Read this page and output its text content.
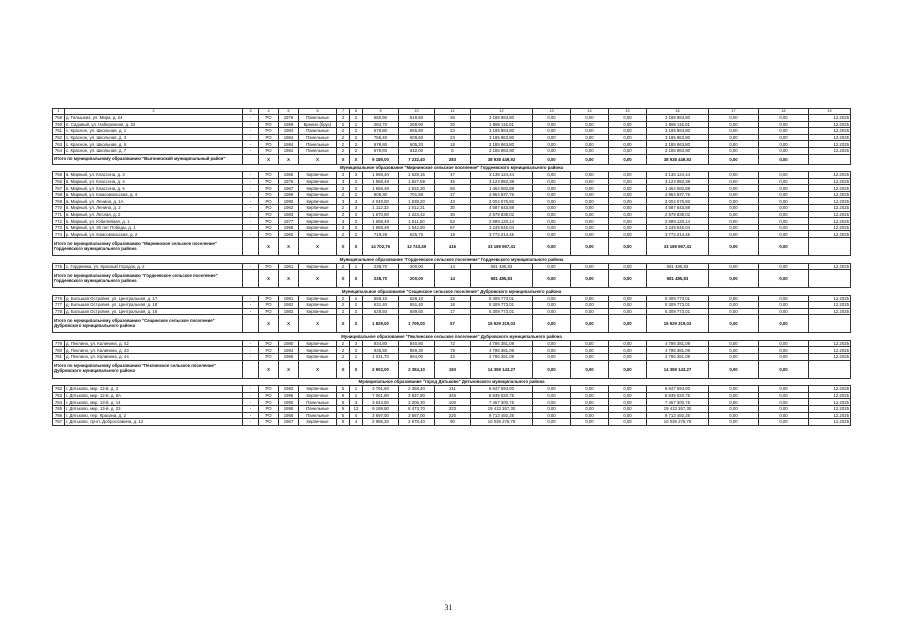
1	2	3	4	5	6	7	8	9	10	11	12	13	14	15	16	17	18	19
759	д. Гильшеиз, ул. Мира, д. 24	-	РО	1976	Панельные	2	2	560,90	518,60	26	3 185 863,80	0,00	0,00	0,00	3 185 863,80	0,00	0,00	12.2025
760	п. Садовый, ул. Набережная, д. 22	-	РО	1959	Бревно (брус)	2	1	284,70	259,90	20	1 886 115,01	0,00	0,00	0,00	1 886 115,01	0,00	0,00	12.2025
761	с. Красное, ул. Школьная, д. 1	-	РО	1984	Панельные	2	2	679,80	665,80	23	3 185 863,80	0,00	0,00	0,00	3 185 863,80	0,00	0,00	12.2025
762	с. Красное, ул. Школьная, д. 3	-	РО	1984	Панельные	2	2	756,40	609,60	23	3 185 863,80	0,00	0,00	0,00	3 185 863,80	0,00	0,00	12.2025
763	с. Красное, ул. Школьная, д. 5	-	РО	1984	Панельные	2	2	678,80	605,20	18	3 185 863,80	0,00	0,00	0,00	3 185 863,80	0,00	0,00	12.2025
764	с. Красное, ул. Школьная, д. 7	-	РО	1984	Панельные	2	2	679,60	612,00	5	3 185 863,80	0,00	0,00	0,00	3 185 863,80	0,00	0,00	12.2025
Итого по муниципальному образованию "Выгоничский муниципальный район"			Х	Х	Х	Х	Х	9 189,00	7 232,40	283	38 938 449,92	0,00	0,00	0,00	38 938 449,92	0,00	0,00	
Муниципальное образование "Мирнинское сельское поселение" Гордеевского муниципального района																		
765	в. Мирный, ул. Классона, д. 3	-	РО	1965	Кирпичные	3	3	1 668,40	1 528,15	47	3 135 124,44	0,00	0,00	0,00	3 135 124,44	0,00	0,00	12.2025
766	в. Мирный, ул. Классона, д. 4	-	РО	1975	Кирпичные	3	3	1 958,49	1 527,59	45	3 123 882,38	0,00	0,00	0,00	3 123 882,38	0,00	0,00	12.2025
767	в. Мирный, ул. Классона, д. 6	-	РО	1967	Кирпичные	3	3	1 658,48	1 532,30	56	1 464 583,68	0,00	0,00	0,00	1 464 583,68	0,00	0,00	12.2025
768	в. Мирный, ул. Комсомольская, д. 4	-	РО	1959	Кирпичные	2	2	806,30	701,59	27	4 964 837,76	0,00	0,00	0,00	4 964 837,76	0,00	0,00	12.2025
769	в. Мирный, ул. Ленина, д. 1А	-	РО	1990	Кирпичные	3	3	2 049,80	1 538,20	43	3 004 576,82	0,00	0,00	0,00	3 004 576,82	0,00	0,00	12.2025
770	в. Мирный, ул. Ленина, д. 2	-	РО	1962	Кирпичные	2	3	1 112,33	1 012,21	30	4 587 643,88	0,00	0,00	0,00	4 587 643,88	0,00	0,00	12.2025
771	в. Мирный, ул. Лесная, д. 2	-	РО	1983	Кирпичные	2	3	1 670,60	1 223,42	30	2 978 839,02	0,00	0,00	0,00	2 978 839,02	0,00	0,00	12.2025
772	в. Мирный, ул. Юбилейная, д. 1	-	РО	1977	Кирпичные	3	3	1 658,49	1 511,50	52	2 889 120,14	0,00	0,00	0,00	2 889 120,14	0,00	0,00	12.2025
773	в. Мирный, ул. 30 лет Победы, д. 1	-	РО	1968	Кирпичные	3	3	1 658,49	1 542,80	67	3 249 545,04	0,00	0,00	0,00	3 249 545,04	0,00	0,00	12.2025
774	р. Мирный, ул. Комсомольская, д. 2	-	РО	1960	Кирпичные	2	2	719,28	625,73	18	3 772 214,45	0,00	0,00	0,00	3 772 214,45	0,00	0,00	12.2025
Итого по муниципальному образованию "Мирнинское сельское поселение" Гордеевского муниципального района			Х	Х	Х	Х	Х	14 702,76	12 743,49	416	33 169 967,41	0,00	0,00	0,00	33 169 967,41	0,00	0,00	
Муниципальное образование "Гордеевское сельское поселение" Гордеевского муниципального района																		
775	с. Гордеевка, ул. Красный Городок, д. 2	-	РО	1961	Кирпичные	2	1	238,70	200,00	14	681 485,83	0,00	0,00	0,00	681 485,83	0,00	0,00	12.2025
Итого по муниципальному образованию "Гордеевское сельское поселение" Гордеевского муниципального района			Х	Х	Х	Х	Х	238,70	200,00	14	681 485,83	0,00	0,00	0,00	681 485,83	0,00	0,00	
Муниципальное образование "Сещинское сельское поселение" Дубровского муниципального района																		
776	д. Большая Островня, ул. Центральная, д. 17	-	РО	1981	Кирпичные	2	2	568,10	528,10	22	5 309 773,01	0,00	0,00	0,00	5 309 773,01	0,00	0,00	12.2025
777	д. Большая Островня, ул. Центральная, д. 18	-	РО	1982	Кирпичные	2	2	631,40	591,40	18	5 309 773,01	0,00	0,00	0,00	5 309 773,01	0,00	0,00	12.2025
778	д. Большая Островня, ул. Центральная, д. 19	-	РО	1983	Кирпичные	2	2	629,50	589,50	17	5 309 773,01	0,00	0,00	0,00	5 309 773,01	0,00	0,00	12.2025
Итого по муниципальному образованию "Сещинское сельское поселение" Дубровского муниципального района			Х	Х	Х	Х	Х	1 829,00	1 709,00	57	15 929 319,03	0,00	0,00	0,00	15 929 319,03	0,00	0,00	
Муниципальное образование "Пеклинское сельское поселение" Дубровского муниципального района																		
779	д. Пеклино, ул. Калинина, д. 42	-	РО	1980	Кирпичные	2	3	934,80	840,80	72	4 786 381,09	0,00	0,00	0,00	4 786 381,09	0,00	0,00	12.2025
780	д. Пеклино, ул. Калинина, д. 43	-	РО	1984	Кирпичные	2	3	935,50	859,30	78	4 786 381,09	0,00	0,00	0,00	4 786 381,09	0,00	0,00	12.2025
781	д. Пеклино, ул. Калинина, д. 44	-	РО	1986	Кирпичные	2	1	1 031,70	684,00	43	4 786 381,09	0,00	0,00	0,00	4 786 381,09	0,00	0,00	12.2025
Итого по муниципальному образованию "Пеклинское сельское поселение" Дубровского муниципального района			Х	Х	Х	Х	Х	2 902,00	2 384,10	193	14 359 143,27	0,00	0,00	0,00	14 359 143,27	0,00	0,00	
Муниципальное образование "город Дятьково" Дятьковского муниципального района																		
782	г. Дятьково, мкр. 12-й, д. 2	-	РО	1982	Кирпичные	5	1	3 791,60	2 368,40	211	8 847 594,00	0,00	0,00	0,00	8 847 594,00	0,00	0,00	12.2025
783	г. Дятьково, мкр. 12-й, д. 6А	-	РО	1986	Кирпичные	9	1	7 061,80	3 837,80	345	8 839 020,75	0,00	0,00	0,00	8 839 020,75	0,00	0,00	12.2025
784	г. Дятьково, мкр. 13-й, д. 14	-	РО	1990	Панельные	5	3	3 543,50	3 206,30	100	7 457 300,75	0,00	0,00	0,00	7 457 300,75	0,00	0,00	12.2025
785	г. Дятьково, мкр. 13-й, д. 23	-	РО	1995	Панельные	5	12	9 199,80	8 473,70	323	19 413 267,30	0,00	0,00	0,00	19 413 267,30	0,00	0,00	12.2025
786	г. Дятьково, пер. Красина, д. 2	-	РО	1966	Панельные	5	4	3 697,00	3 587,00	220	9 713 492,25	0,00	0,00	0,00	9 713 492,25	0,00	0,00	12.2025
787	г. Дятьково, пр-кт. Доброславина, д. 12	-	РО	1967	Кирпичные	5	4	2 986,20	2 678,40	90	10 039 275,75	0,00	0,00	0,00	10 039 275,75	0,00	0,00	12.2025
31
